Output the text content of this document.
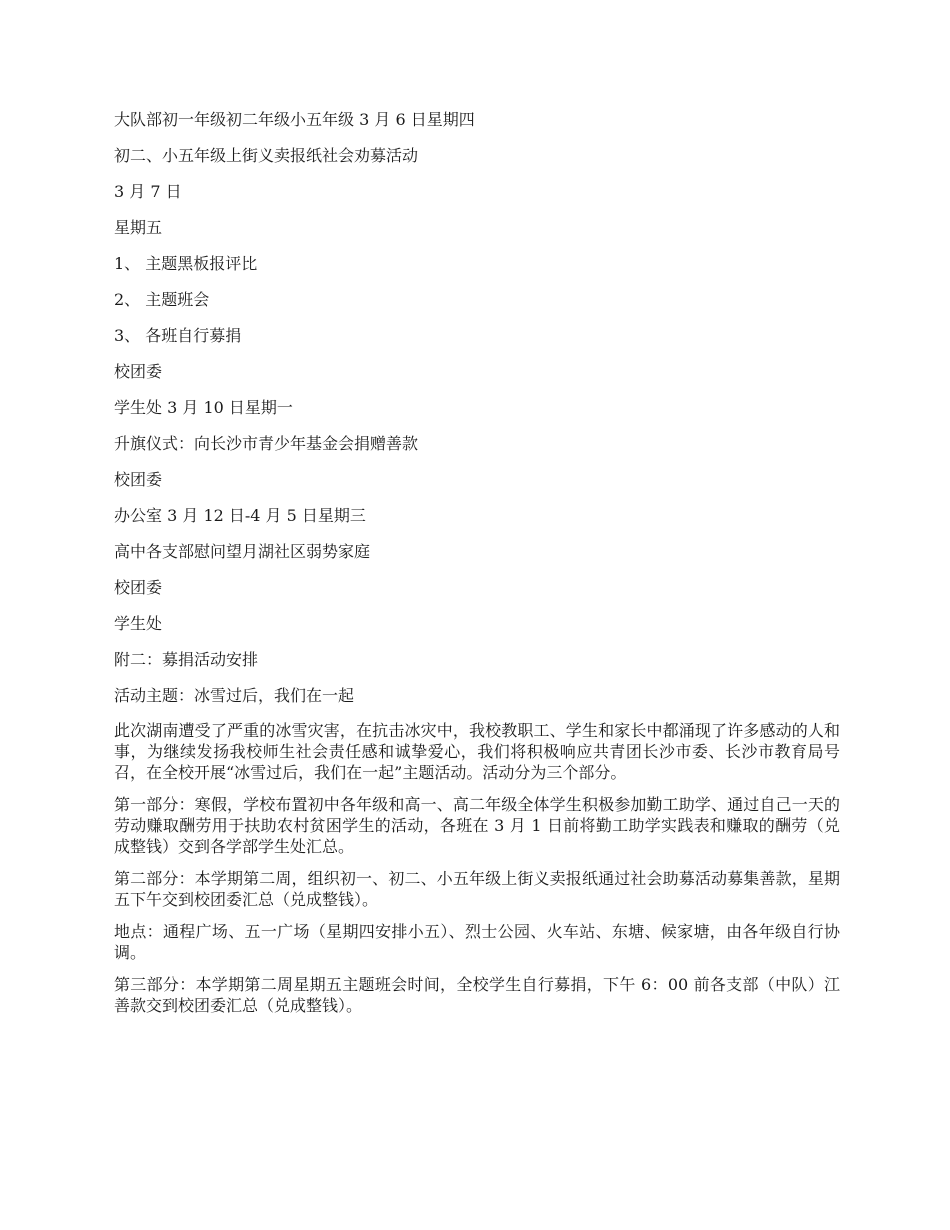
大队部初一年级初二年级小五年级 3 月 6 日星期四
初二、小五年级上街义卖报纸社会劝募活动
3 月 7 日
星期五
1、 主题黑板报评比
2、 主题班会
3、 各班自行募捐
校团委
学生处 3 月 10 日星期一
升旗仪式：向长沙市青少年基金会捐赠善款
校团委
办公室 3 月 12 日-4 月 5 日星期三
高中各支部慰问望月湖社区弱势家庭
校团委
学生处
附二：募捐活动安排
活动主题：冰雪过后，我们在一起

此次湖南遭受了严重的冰雪灾害，在抗击冰灾中，我校教职工、学生和家长中都涌现了许多感动的人和事，为继续发扬我校师生社会责任感和诚挚爱心，我们将积极响应共青团长沙市委、长沙市教育局号召，在全校开展“冰雪过后，我们在一起”主题活动。活动分为三个部分。

第一部分：寒假，学校布置初中各年级和高一、高二年级全体学生积极参加勤工助学、通过自己一天的劳动赚取酬劳用于扶助农村贫困学生的活动，各班在 3 月 1 日前将勤工助学实践表和赚取的酬劳（兑成整钱）交到各学部学生处汇总。

第二部分：本学期第二周，组织初一、初二、小五年级上街义卖报纸通过社会助募活动募集善款，星期五下午交到校团委汇总（兑成整钱）。

地点：通程广场、五一广场（星期四安排小五）、烈士公园、火车站、东塘、候家塘，由各年级自行协调。

第三部分：本学期第二周星期五主题班会时间，全校学生自行募捐，下午 6：00 前各支部（中队）江善款交到校团委汇总（兑成整钱）。
